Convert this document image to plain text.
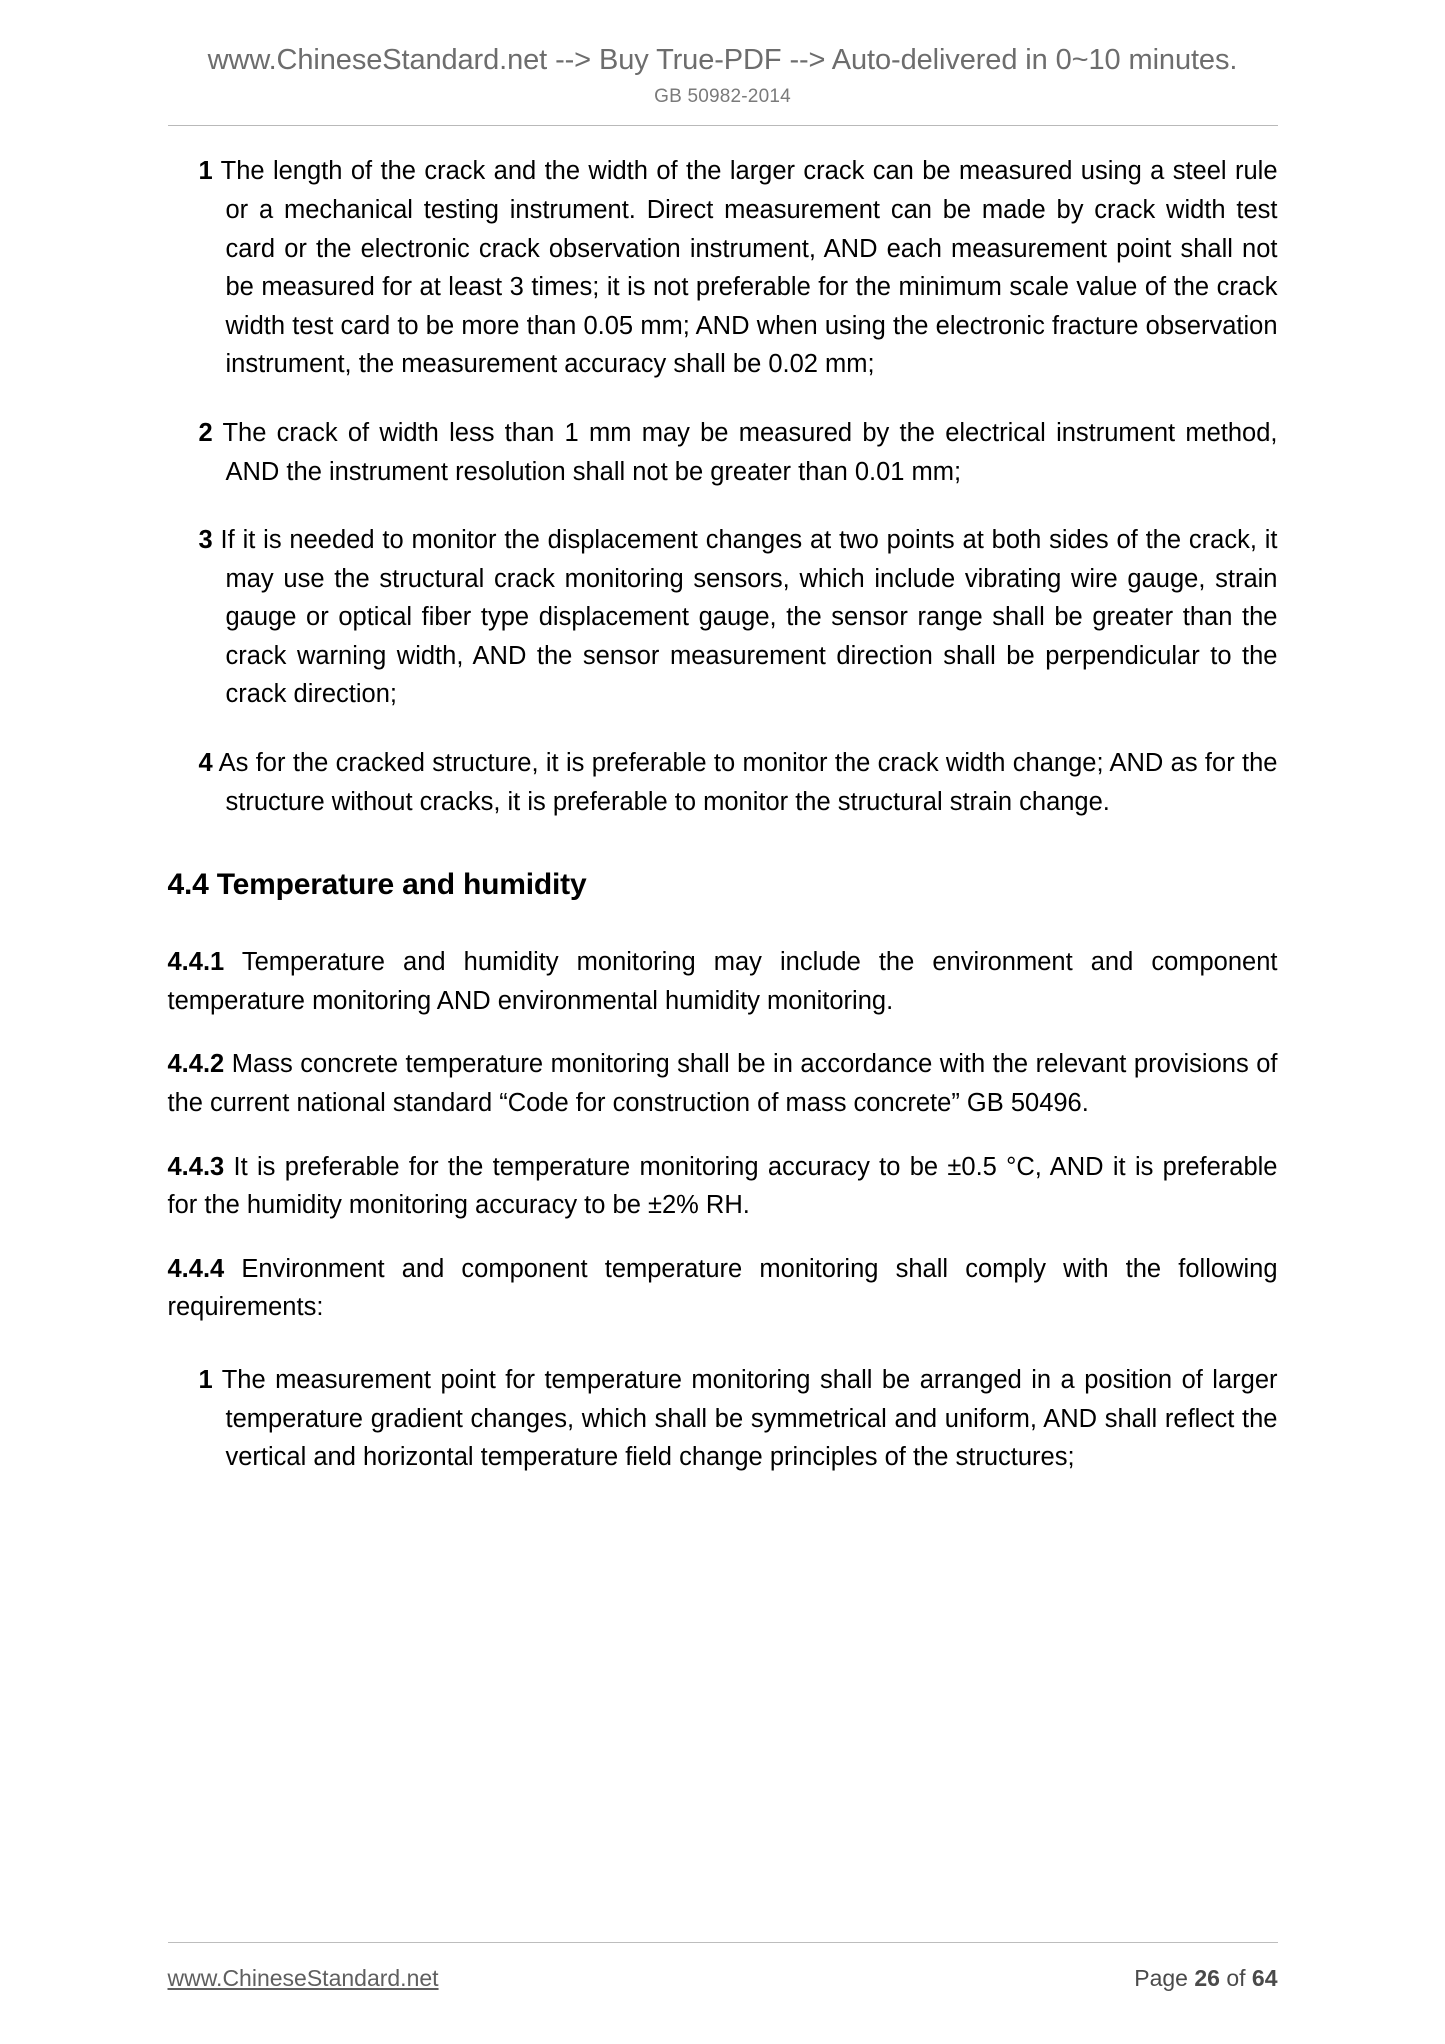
www.ChineseStandard.net --> Buy True-PDF --> Auto-delivered in 0~10 minutes.
GB 50982-2014
1 The length of the crack and the width of the larger crack can be measured using a steel rule or a mechanical testing instrument. Direct measurement can be made by crack width test card or the electronic crack observation instrument, AND each measurement point shall not be measured for at least 3 times; it is not preferable for the minimum scale value of the crack width test card to be more than 0.05 mm; AND when using the electronic fracture observation instrument, the measurement accuracy shall be 0.02 mm;
2 The crack of width less than 1 mm may be measured by the electrical instrument method, AND the instrument resolution shall not be greater than 0.01 mm;
3 If it is needed to monitor the displacement changes at two points at both sides of the crack, it may use the structural crack monitoring sensors, which include vibrating wire gauge, strain gauge or optical fiber type displacement gauge, the sensor range shall be greater than the crack warning width, AND the sensor measurement direction shall be perpendicular to the crack direction;
4 As for the cracked structure, it is preferable to monitor the crack width change; AND as for the structure without cracks, it is preferable to monitor the structural strain change.
4.4 Temperature and humidity
4.4.1 Temperature and humidity monitoring may include the environment and component temperature monitoring AND environmental humidity monitoring.
4.4.2 Mass concrete temperature monitoring shall be in accordance with the relevant provisions of the current national standard “Code for construction of mass concrete” GB 50496.
4.4.3 It is preferable for the temperature monitoring accuracy to be ±0.5 °C, AND it is preferable for the humidity monitoring accuracy to be ±2% RH.
4.4.4 Environment and component temperature monitoring shall comply with the following requirements:
1 The measurement point for temperature monitoring shall be arranged in a position of larger temperature gradient changes, which shall be symmetrical and uniform, AND shall reflect the vertical and horizontal temperature field change principles of the structures;
www.ChineseStandard.net	Page 26 of 64
